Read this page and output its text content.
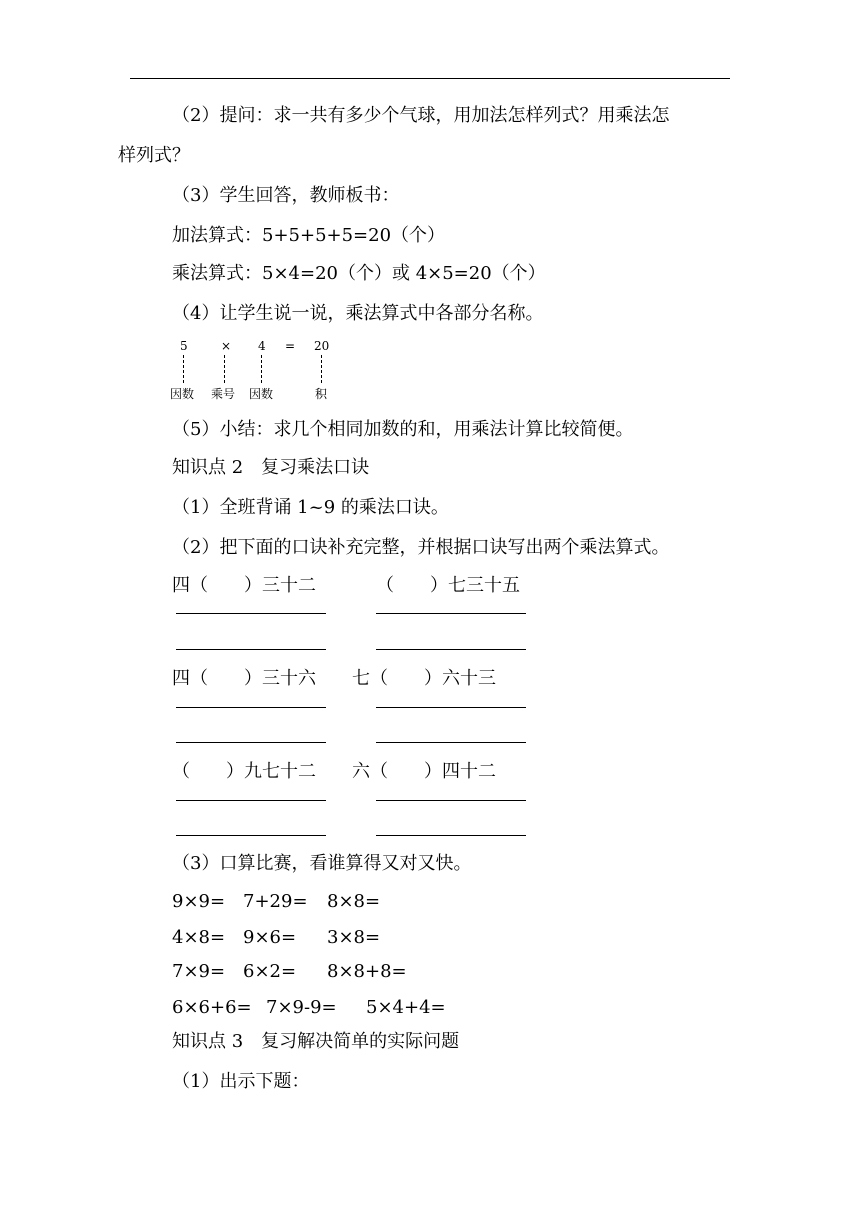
（2）提问：求一共有多少个气球，用加法怎样列式？用乘法怎
样列式？
（3）学生回答，教师板书：
加法算式：5+5+5+5=20（个）
乘法算式：5×4=20（个）或 4×5=20（个）
（4）让学生说一说，乘法算式中各部分名称。
5	× 4 = 20
因数 乘号 因数	积
（5）小结：求几个相同加数的和，用乘法计算比较简便。
知识点 2　复习乘法口诀
（1）全班背诵 1~9 的乘法口诀。
（2）把下面的口诀补充完整，并根据口诀写出两个乘法算式。
四（　　）三十二	（　　）七三十五
四（　　）三十六 七（　　）六十三
（　　）九七十二 六（　　）四十二
（3）口算比赛，看谁算得又对又快。
9×9= 7+29= 8×8=
4×8= 9×6= 3×8=
7×9= 6×2= 8×8+8=
6×6+6= 7×9-9= 5×4+4=
知识点 3　复习解决简单的实际问题
（1）出示下题：
